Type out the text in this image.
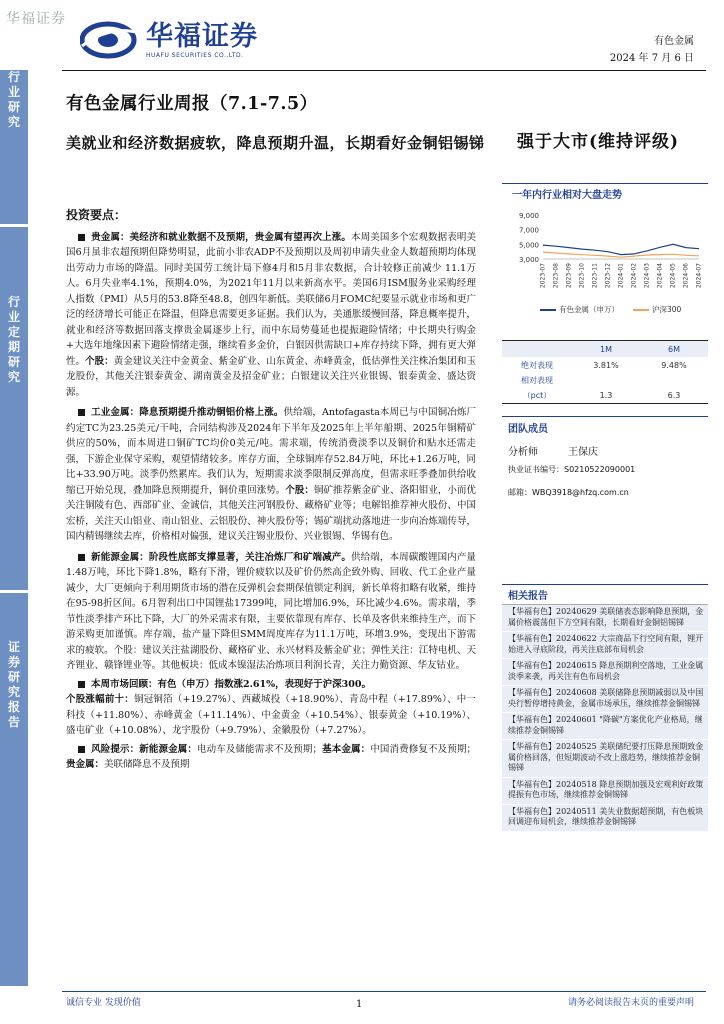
华福证券
华福证券
HUAFU SECURITIES CO.,LTD.
有色金属
2024 年 7 月 6 日
行
业
研
究
行
业
定
期
研
究
证
券
研
究
报
告
有色金属行业周报（7.1-7.5）
美就业和经济数据疲软，降息预期升温，长期看好金铜铝锡锑	强于大市(维持评级)
一年内行业相对大盘走势
9,000
7,000
5,000
3,000
2023-07 2023-08 2023-09 2023-10 2023-11 2023-12 2024-01 2024-02 2024-03 2024-04 2024-05 2024-06 2024-07
有色金属（申万）	沪深300
1M	6M
绝对表现	3.81%	9.48%
相对表现
（pct）	1.3	6.3
团队成员
分析师	王保庆
执业证书编号：S0210522090001
邮箱：WBQ3918@hfzq.com.cn
相关报告
【华福有色】20240629 美联储表态影响降息预期，金属价格震荡但下方空间有限，长期看好金铜铝锡锑
【华福有色】20240622 大宗商品下行空间有限，锂开始进入寻底阶段，再关注底部布局机会
【华福有色】20240615 降息预期利空落地，工业金属淡季来袭，再关注有色布局机会
【华福有色】20240608 美联储降息预期减弱以及中国央行暂停增持黄金，金属市场承压，继续推荐金铜锡锑
【华福有色】20240601 "降碳"方案优化产业格局，继续推荐金铜锡锑
【华福有色】20240525 美联储纪要打压降息预期致金属价格回落，但短期波动不改上涨趋势，继续推荐金铜锡锑
【华福有色】20240518 降息预期加强及宏观利好政策提振有色市场，继续推荐金铜锡锑
【华福有色】20240511 美失业数据超预期，有色板块回调迎布局机会，继续推荐金铜锡锑
投资要点：

贵金属：美经济和就业数据不及预期，贵金属有望再次上涨。本周美国多个宏观数据表明美国6月虽非农超预期但降势明显，此前小非农ADP不及预期以及周初申请失业金人数超预期均体现出劳动力市场的降温。同时美国劳工统计局下修4月和5月非农数据，合计较修正前减少 11.1万人。6月失业率4.1%，预期4.0%，为2021年11月以来新高水平。美国6月ISM服务业采购经理人指数（PMI）从5月的53.8降至48.8，创四年新低。美联储6月FOMC纪要显示就业市场和更广泛的经济增长可能正在降温，但降息需要更多证据。我们认为，美通胀缓慢回落，降息概率提升，就业和经济等数据回落支撑贵金属逐步上行，而中东局势蔓延也提振避险情绪；中长期央行购金+大选年地缘因素下避险情绪走强，继续看多金价，白银因供需缺口+库存持续下降，拥有更大弹性。个股：黄金建议关注中金黄金、紫金矿业、山东黄金、赤峰黄金，低估弹性关注株冶集团和玉龙股份，其他关注银泰黄金、湖南黄金及招金矿业；白银建议关注兴业银锡、银泰黄金、盛达资源。

工业金属：降息预期提升推动铜铝价格上涨。供给端，Antofagasta本周已与中国铜冶炼厂约定TC为23.25美元/干吨，合同结构涉及2024年下半年及2025年上半年船期、2025年铜精矿供应的50%，而本周进口铜矿TC均价0美元/吨。需求端，传统消费淡季以及铜价和贴水还需走强，下游企业保守采购，观望情绪较多。库存方面，全球铜库存52.84万吨，环比+1.26万吨，同比+33.90万吨。淡季仍然累库。我们认为，短期需求淡季限制反弹高度，但需求旺季叠加供给收缩已开始兑现，叠加降息预期提升，铜价重回涨势。个股：铜矿推荐紫金矿业、洛阳钼业，小而优关注铜陵有色、西部矿业、金诚信，其他关注河钢股份、藏格矿业等；电解铝推荐神火股份、中国宏桥，关注天山铝业、南山铝业、云铝股份、神火股份等；锡矿端扰动落地进一步向冶炼端传导，国内精锡继续去库，价格相对偏强，建议关注锡业股份、兴业银锡、华锡有色。

新能源金属：阶段性底部支撑显著，关注冶炼厂和矿端减产。供给端，本周碳酸锂国内产量1.48万吨，环比下降1.8%，略有下滑，锂价疲软以及矿价仍然高企致外购、回收、代工企业产量减少，大厂更倾向于利用期货市场的潜在反弹机会套期保值锁定利润，新长单将扣略有收紧，维持在95-98折区间。6月智利出口中国锂盐17399吨，同比增加6.9%，环比减少4.6%。需求端，季节性淡季排产环比下降，大厂的外采需求有限，主要依靠现有库存、长单及客供来维持生产，而下游采购更加谨慎。库存端，盐产量下降但SMM周度库存为11.1万吨，环增3.9%，变现出下游需求的疲软。个股：建议关注盐湖股份、藏格矿业、永兴材料及紫金矿业；弹性关注：江特电机、天齐锂业、赣锋锂业等。其他板块：低成本镍湿法冶炼项目利润长青，关注力勤资源、华友钴业。

本周市场回顾：有色（申万）指数涨2.61%，表现好于沪深300。

个股涨幅前十：铜冠铜箔（+19.27%）、西藏城投（+18.90%）、青岛中程（+17.89%）、中一科技（+11.80%）、赤峰黄金（+11.14%）、中金黄金（+10.54%）、银泰黄金（+10.19%）、盛屯矿业（+10.08%）、龙宇股份（+9.79%）、金徽股份（+7.27%）。

风险提示：新能源金属：电动车及储能需求不及预期；基本金属：中国消费修复不及预期；贵金属：美联储降息不及预期

诚信专业 发现价值	1	请务必阅读报告末页的重要声明
